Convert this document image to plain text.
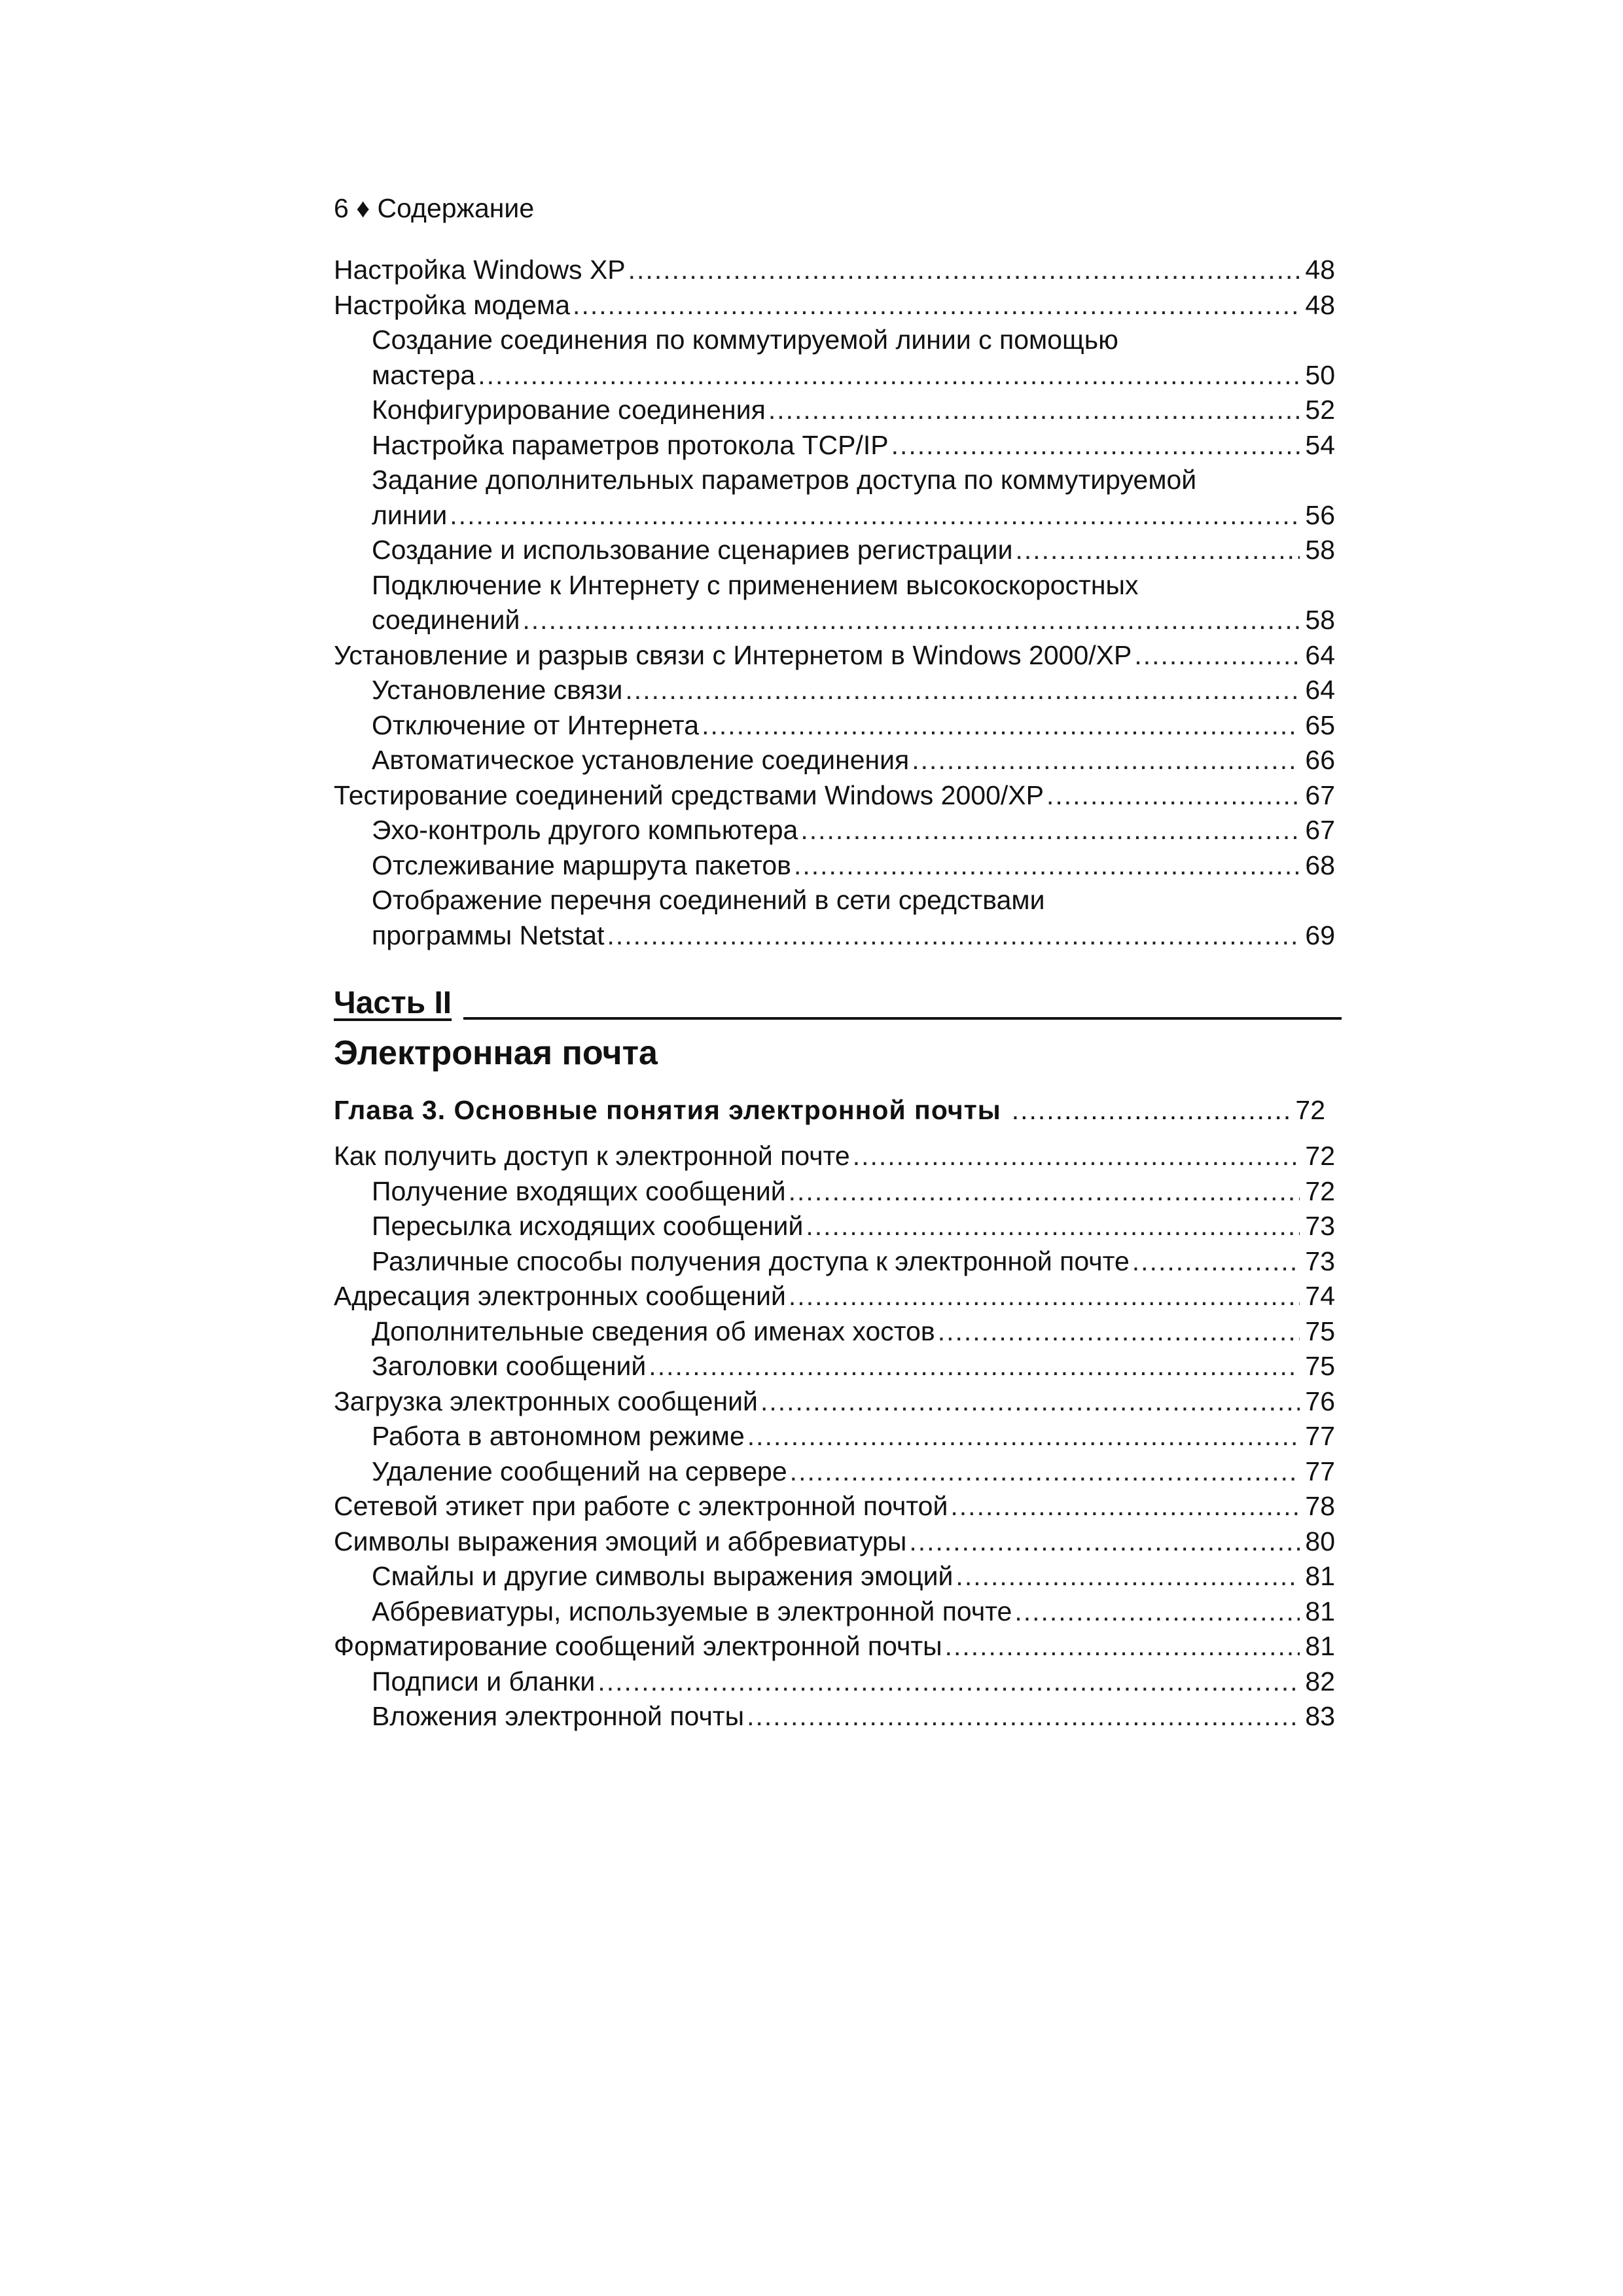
6 ♦ Содержание
Настройка Windows XP .....	48
Настройка модема .....	48
Создание соединения по коммутируемой линии с помощью
мастера .....	50
Конфигурирование соединения .....	52
Настройка параметров протокола TCP/IP .....	54
Задание дополнительных параметров доступа по коммутируемой
линии .....	56
Создание и использование сценариев регистрации .....	58
Подключение к Интернету с применением высокоскоростных
соединений .....	58
Установление и разрыв связи с Интернетом в Windows 2000/XP .....	64
Установление связи .....	64
Отключение от Интернета .....	65
Автоматическое установление соединения .....	66
Тестирование соединений средствами Windows 2000/XP .....	67
Эхо-контроль другого компьютера .....	67
Отслеживание маршрута пакетов .....	68
Отображение перечня соединений в сети средствами
программы Netstat .....	69
Часть II
Электронная почта
Глава 3. Основные понятия электронной почты .....	72
Как получить доступ к электронной почте .....	72
Получение входящих сообщений .....	72
Пересылка исходящих сообщений .....	73
Различные способы получения доступа к электронной почте .....	73
Адресация электронных сообщений .....	74
Дополнительные сведения об именах хостов .....	75
Заголовки сообщений .....	75
Загрузка электронных сообщений .....	76
Работа в автономном режиме .....	77
Удаление сообщений на сервере .....	77
Сетевой этикет при работе с электронной почтой .....	78
Символы выражения эмоций и аббревиатуры .....	80
Смайлы и другие символы выражения эмоций .....	81
Аббревиатуры, используемые в электронной почте .....	81
Форматирование сообщений электронной почты .....	81
Подписи и бланки .....	82
Вложения электронной почты .....	83
